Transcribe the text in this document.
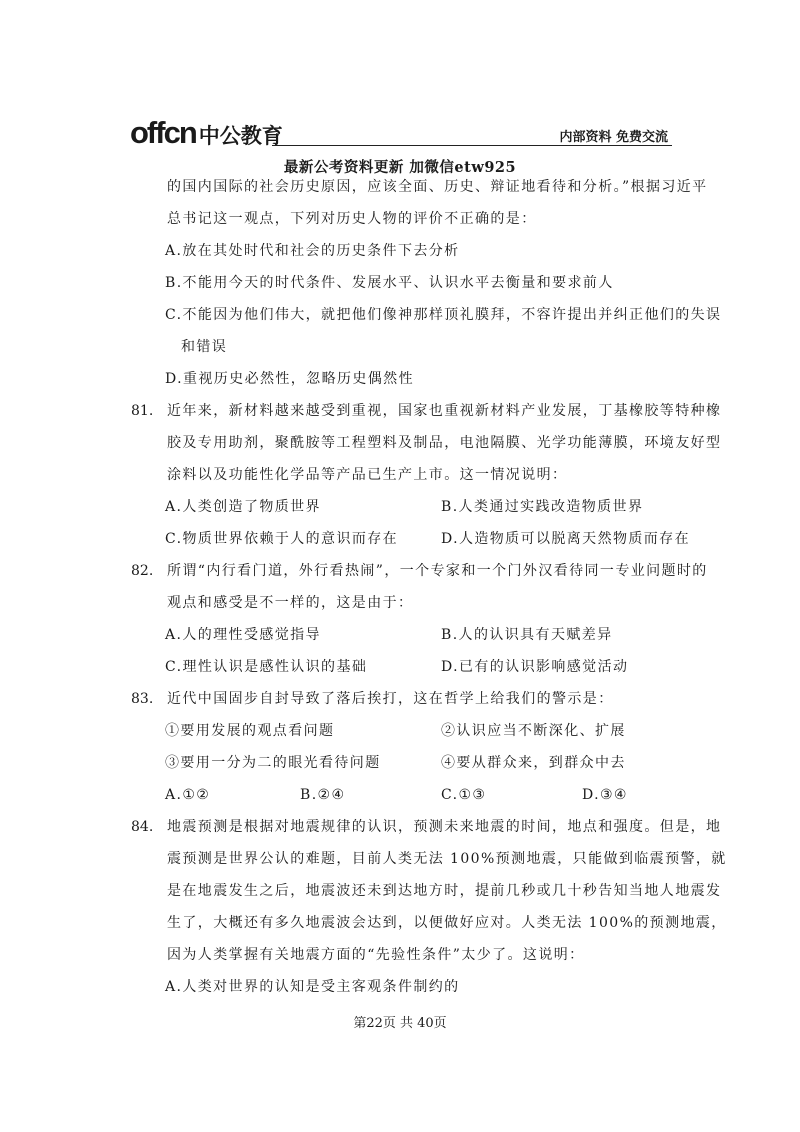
offcn 中公教育	内部资料 免费交流
最新公考资料更新 加微信etw925
的国内国际的社会历史原因，应该全面、历史、辩证地看待和分析。”根据习近平
总书记这一观点，下列对历史人物的评价不正确的是：
A.放在其处时代和社会的历史条件下去分析
B.不能用今天的时代条件、发展水平、认识水平去衡量和要求前人
C.不能因为他们伟大，就把他们像神那样顶礼膜拜，不容许提出并纠正他们的失误
和错误
D.重视历史必然性，忽略历史偶然性
81. 近年来，新材料越来越受到重视，国家也重视新材料产业发展，丁基橡胶等特种橡
胶及专用助剂，聚酰胺等工程塑料及制品，电池隔膜、光学功能薄膜，环境友好型
涂料以及功能性化学品等产品已生产上市。这一情况说明：
A.人类创造了物质世界	B.人类通过实践改造物质世界
C.物质世界依赖于人的意识而存在	D.人造物质可以脱离天然物质而存在
82. 所谓“内行看门道，外行看热闹”，一个专家和一个门外汉看待同一专业问题时的
观点和感受是不一样的，这是由于：
A.人的理性受感觉指导	B.人的认识具有天赋差异
C.理性认识是感性认识的基础	D.已有的认识影响感觉活动
83. 近代中国固步自封导致了落后挨打，这在哲学上给我们的警示是：
①要用发展的观点看问题	②认识应当不断深化、扩展
③要用一分为二的眼光看待问题	④要从群众来，到群众中去
A.①②	B.②④	C.①③	D.③④
84. 地震预测是根据对地震规律的认识，预测未来地震的时间，地点和强度。但是，地
震预测是世界公认的难题，目前人类无法 100%预测地震，只能做到临震预警，就
是在地震发生之后，地震波还未到达地方时，提前几秒或几十秒告知当地人地震发
生了，大概还有多久地震波会达到，以便做好应对。人类无法 100%的预测地震，
因为人类掌握有关地震方面的“先验性条件”太少了。这说明：
A.人类对世界的认知是受主客观条件制约的
第22页 共 40页
